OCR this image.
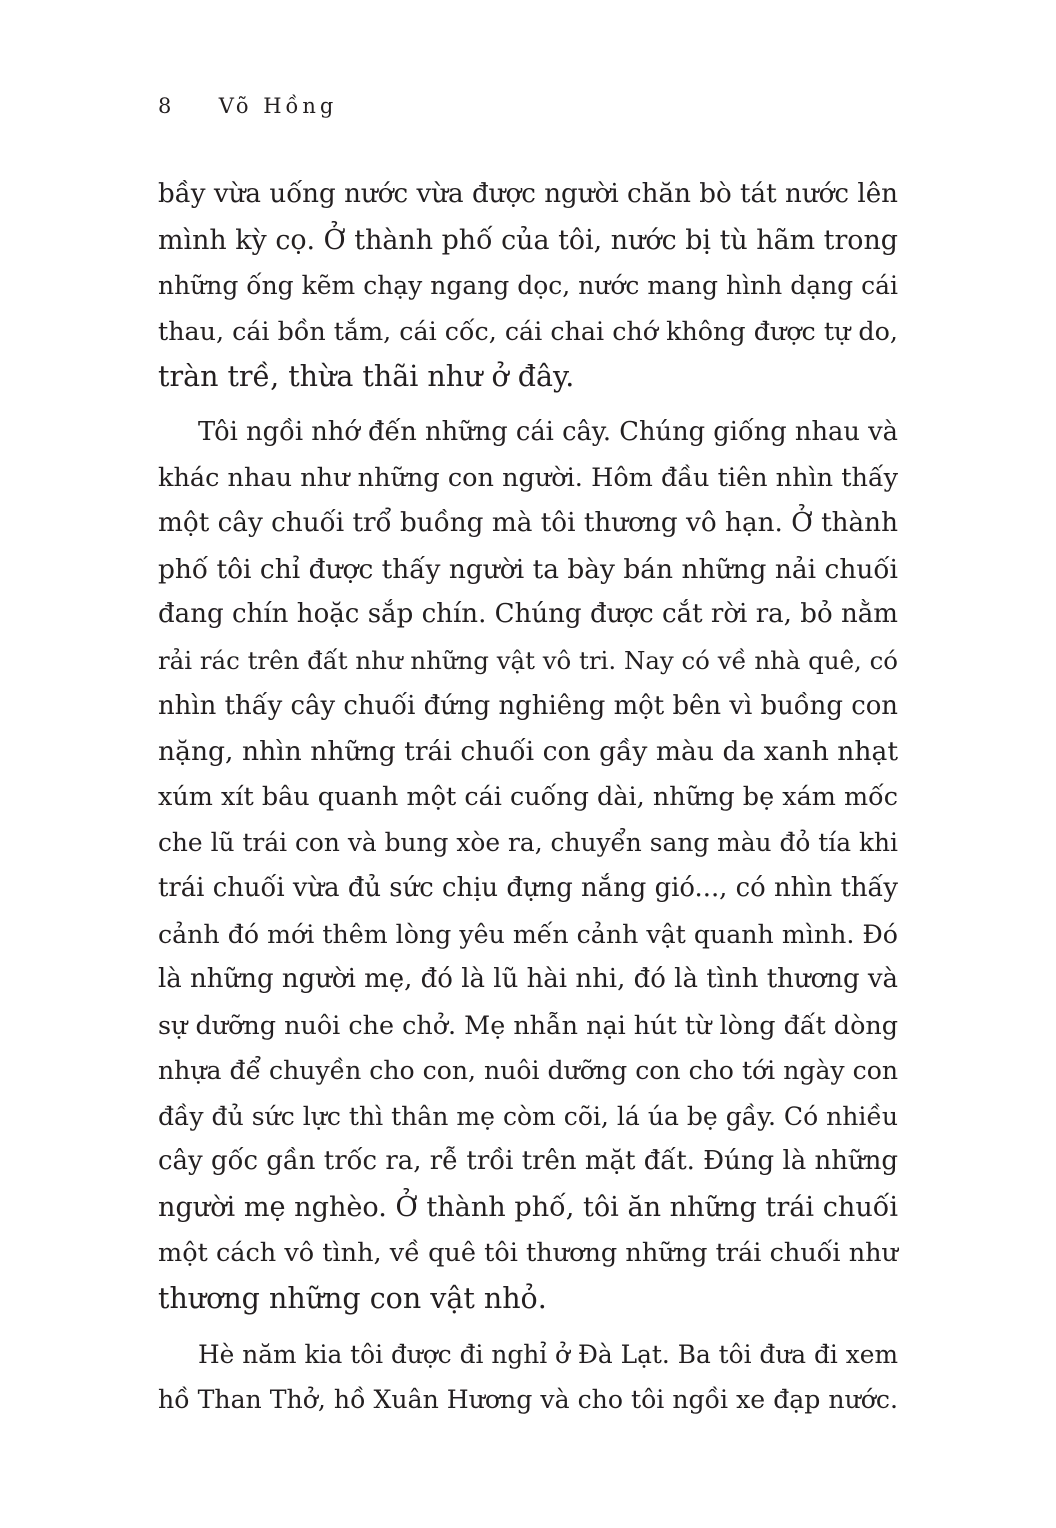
8 Võ Hồng
bầy vừa uống nước vừa được người chăn bò tát nước lên
mình kỳ cọ. Ở thành phố của tôi, nước bị tù hãm trong
những ống kẽm chạy ngang dọc, nước mang hình dạng cái
thau, cái bồn tắm, cái cốc, cái chai chớ không được tự do,
tràn trề, thừa thãi như ở đây.
Tôi ngồi nhớ đến những cái cây. Chúng giống nhau và
khác nhau như những con người. Hôm đầu tiên nhìn thấy
một cây chuối trổ buồng mà tôi thương vô hạn. Ở thành
phố tôi chỉ được thấy người ta bày bán những nải chuối
đang chín hoặc sắp chín. Chúng được cắt rời ra, bỏ nằm
rải rác trên đất như những vật vô tri. Nay có về nhà quê, có
nhìn thấy cây chuối đứng nghiêng một bên vì buồng con
nặng, nhìn những trái chuối con gầy màu da xanh nhạt
xúm xít bâu quanh một cái cuống dài, những bẹ xám mốc
che lũ trái con và bung xòe ra, chuyển sang màu đỏ tía khi
trái chuối vừa đủ sức chịu đựng nắng gió..., có nhìn thấy
cảnh đó mới thêm lòng yêu mến cảnh vật quanh mình. Đó
là những người mẹ, đó là lũ hài nhi, đó là tình thương và
sự dưỡng nuôi che chở. Mẹ nhẫn nại hút từ lòng đất dòng
nhựa để chuyền cho con, nuôi dưỡng con cho tới ngày con
đầy đủ sức lực thì thân mẹ còm cõi, lá úa bẹ gầy. Có nhiều
cây gốc gần trốc ra, rễ trồi trên mặt đất. Đúng là những
người mẹ nghèo. Ở thành phố, tôi ăn những trái chuối
một cách vô tình, về quê tôi thương những trái chuối như
thương những con vật nhỏ.
Hè năm kia tôi được đi nghỉ ở Đà Lạt. Ba tôi đưa đi xem
hồ Than Thở, hồ Xuân Hương và cho tôi ngồi xe đạp nước.
